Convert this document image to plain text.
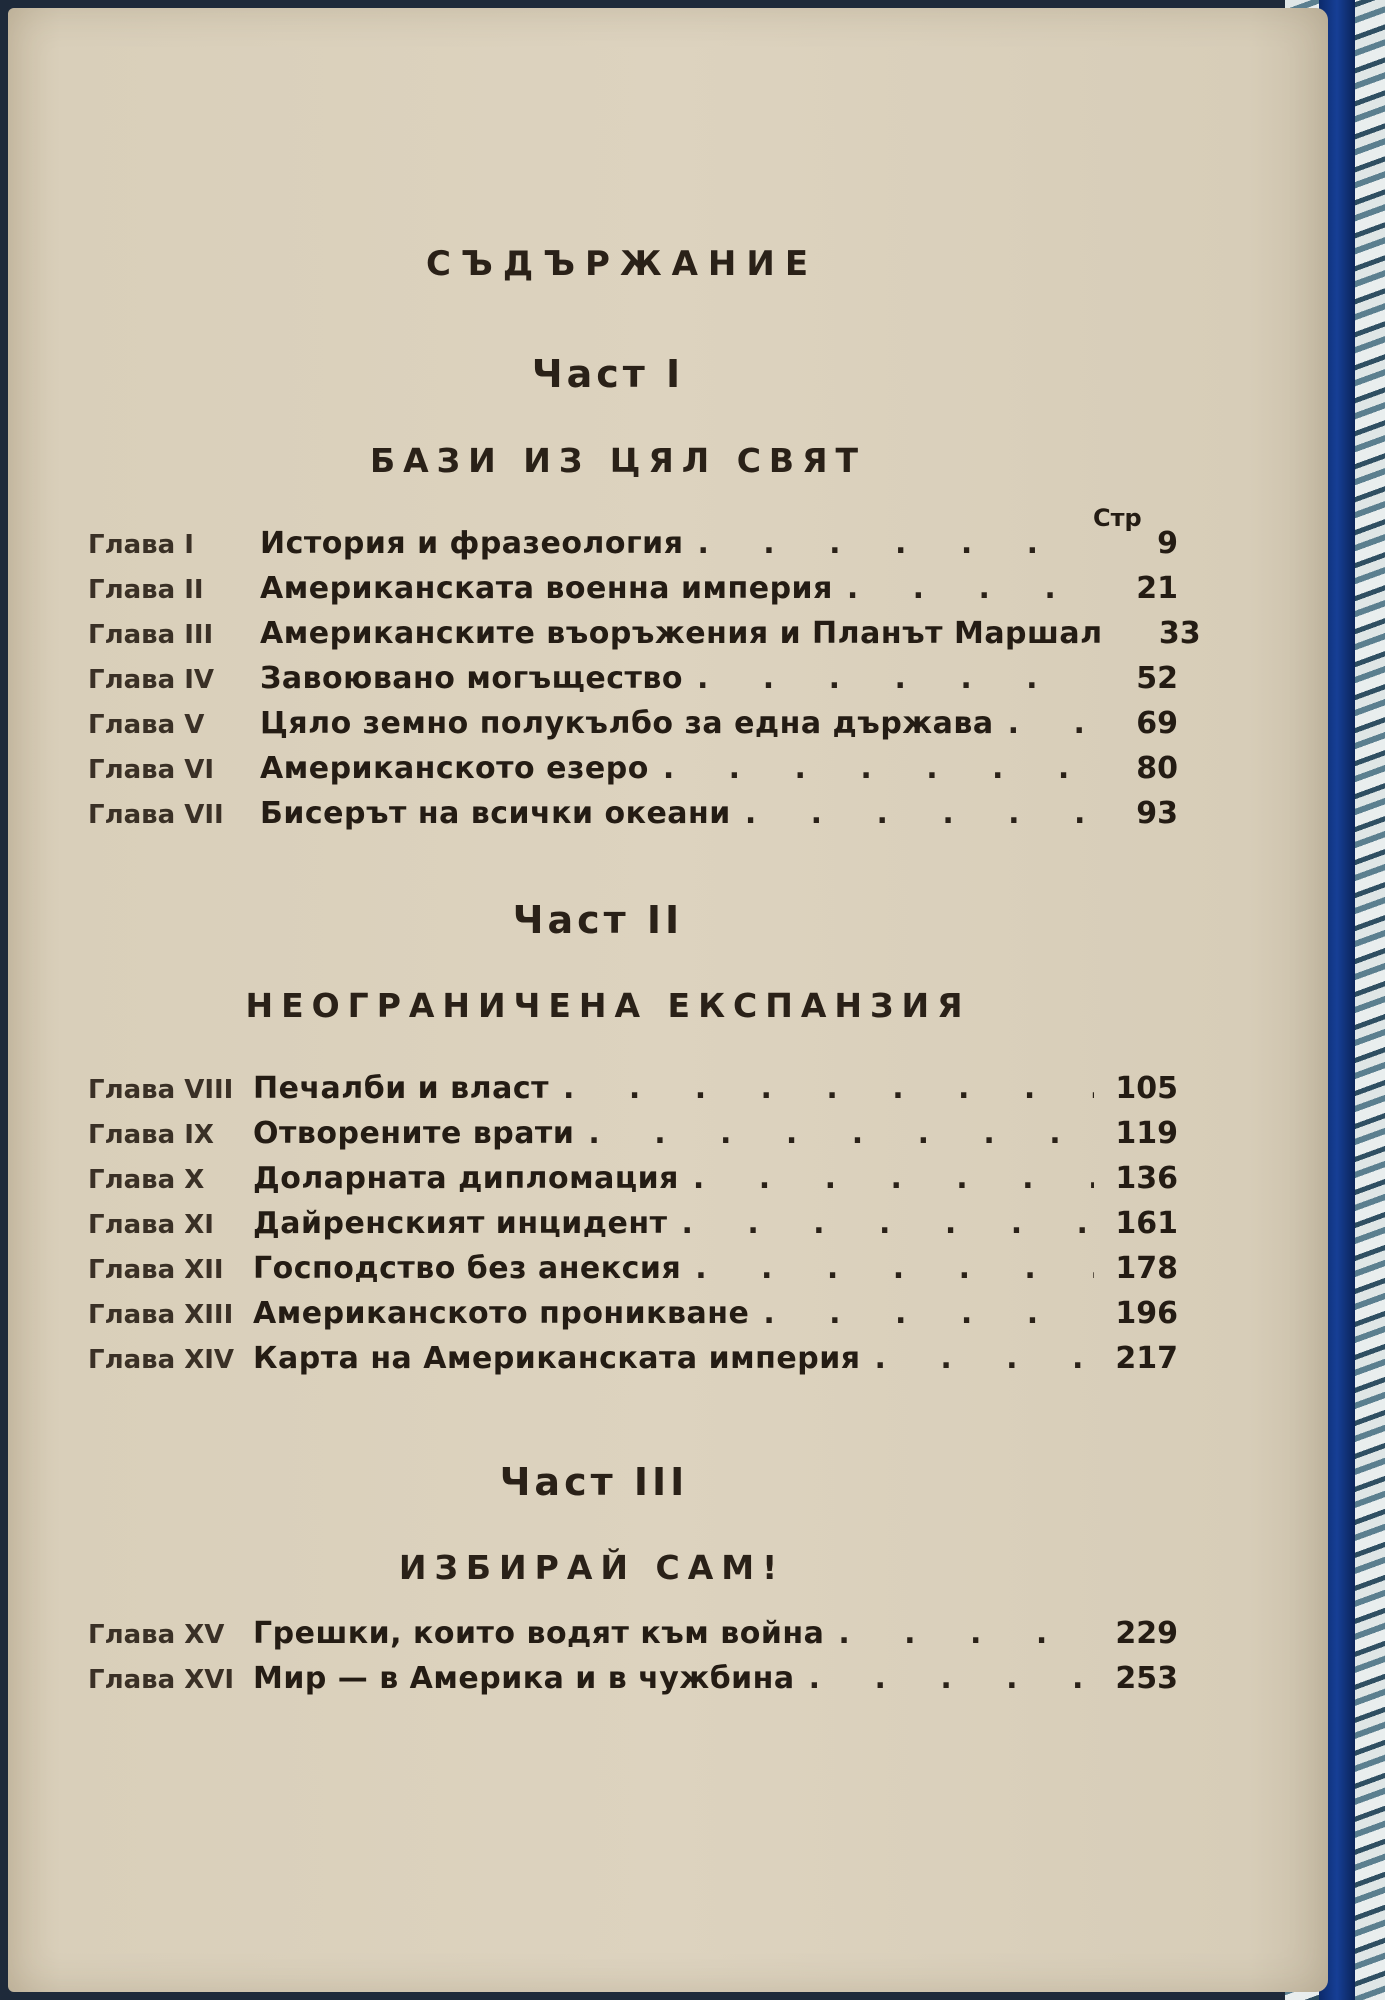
СЪДЪРЖАНИЕ
Част I
БАЗИ ИЗ ЦЯЛ СВЯТ
Стр
Глава I	История и фразеология . . .	9
Глава II	Американската военна империя . . .	21
Глава III	Американските въоръжения и Планът Маршал	33
Глава IV	Завоювано могъщество . . .	52
Глава V	Цяло земно полукълбо за една държава . . .	69
Глава VI	Американското езеро . . .	80
Глава VII	Бисерът на всички океани . . .	93
Част II
НЕОГРАНИЧЕНА ЕКСПАНЗИЯ
Глава VIII Печалби и власт . . .	105
Глава IX	Отворените врати . . .	119
Глава X	Доларната дипломация . . .	136
Глава XI	Дайренският инцидент . . .	161
Глава XII Господство без анексия . . .	178
Глава XIII Американското проникване . . .	196
Глава XIV Карта на Американската империя . . .	217
Част III
ИЗБИРАЙ САМ!
Глава XV Грешки, които водят към война . . .	229
Глава XVI Мир — в Америка и в чужбина . . .	253
